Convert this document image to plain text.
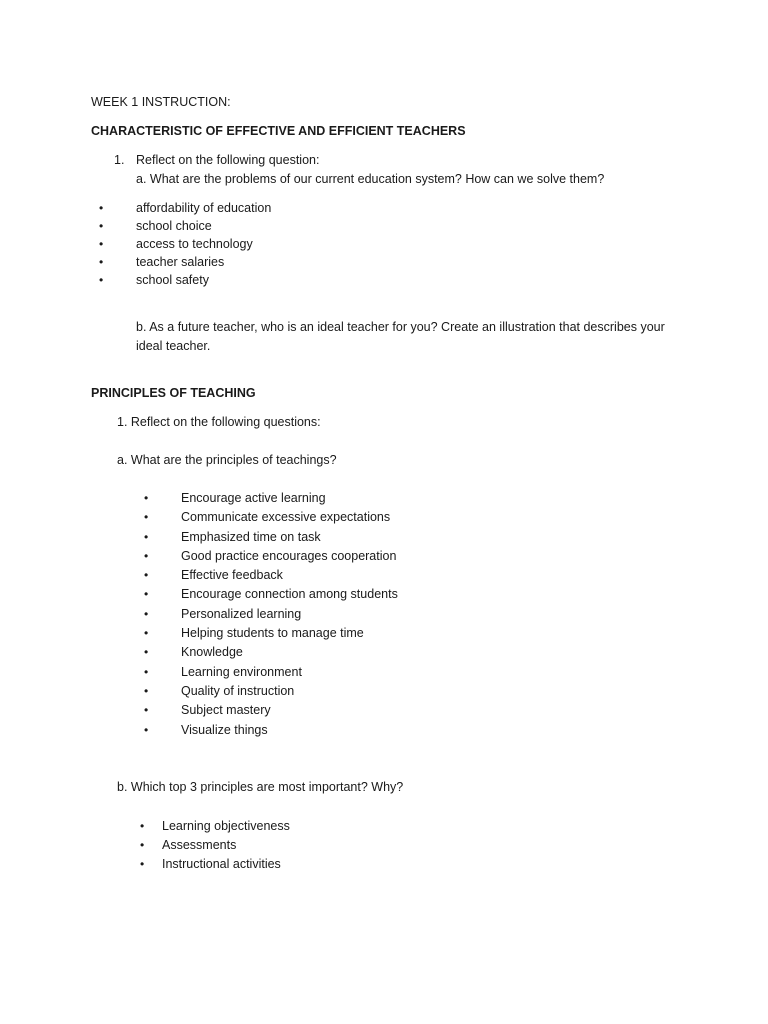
WEEK 1 INSTRUCTION:
CHARACTERISTIC OF EFFECTIVE AND EFFICIENT TEACHERS
1. Reflect on the following question:
a. What are the problems of our current education system? How can we solve them?
•	affordability of education
•	school choice
•	access to technology
•	teacher salaries
•	school safety
b. As a future teacher, who is an ideal teacher for you? Create an illustration that describes your
ideal teacher.
PRINCIPLES OF TEACHING
1. Reflect on the following questions:
a. What are the principles of teachings?
•	Encourage active learning
•	Communicate excessive expectations
•	Emphasized time on task
•	Good practice encourages cooperation
•	Effective feedback
•	Encourage connection among students
•	Personalized learning
•	Helping students to manage time
•	Knowledge
•	Learning environment
•	Quality of instruction
•	Subject mastery
•	Visualize things
b. Which top 3 principles are most important? Why?
• Learning objectiveness
• Assessments
• Instructional activities
